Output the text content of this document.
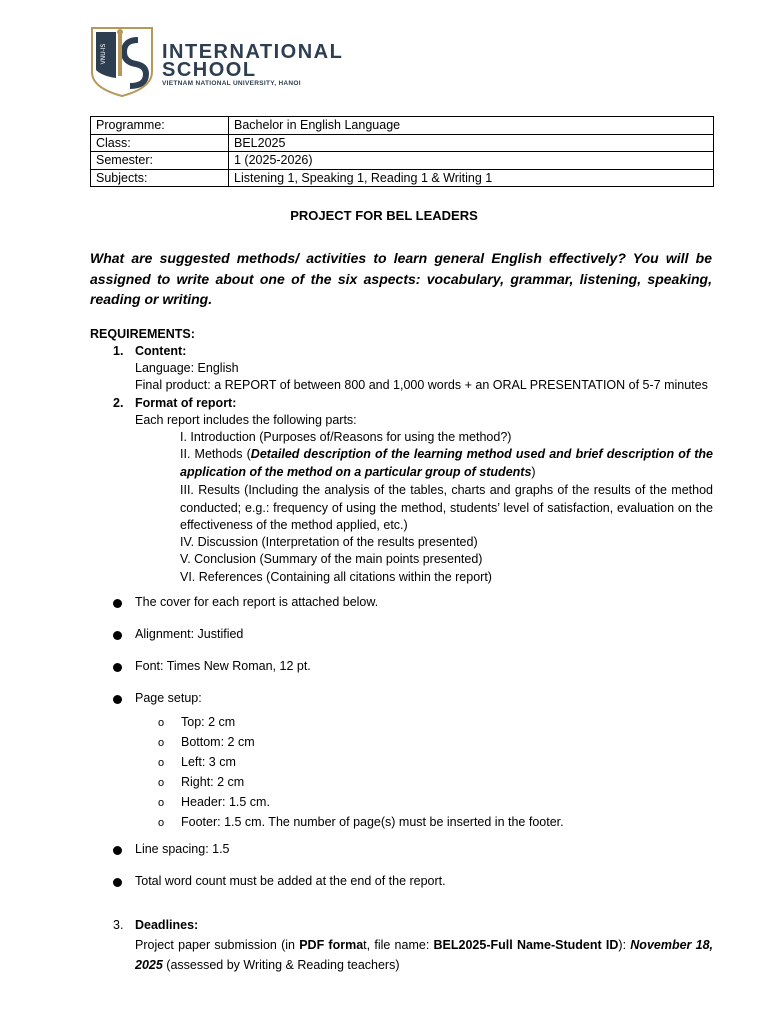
VNU-IS	INTERNATIONAL
SCHOOL
VIETNAM NATIONAL UNIVERSITY, HANOI
Programme:	Bachelor in English Language
Class:	BEL2025
Semester:	1 (2025-2026)
Subjects:	Listening 1, Speaking 1, Reading 1 & Writing 1
PROJECT FOR BEL LEADERS
What are suggested methods/ activities to learn general English effectively? You will be assigned to write about one of the six aspects: vocabulary, grammar, listening, speaking, reading or writing.
REQUIREMENTS:
1. Content:
Language: English
Final product: a REPORT of between 800 and 1,000 words + an ORAL PRESENTATION of 5-7 minutes
2. Format of report:
Each report includes the following parts:
I. Introduction (Purposes of/Reasons for using the method?)
II. Methods (Detailed description of the learning method used and brief description of the application of the method on a particular group of students)
III. Results (Including the analysis of the tables, charts and graphs of the results of the method conducted; e.g.: frequency of using the method, students’ level of satisfaction, evaluation on the effectiveness of the method applied, etc.)
IV. Discussion (Interpretation of the results presented)
V. Conclusion (Summary of the main points presented)
VI. References (Containing all citations within the report)
The cover for each report is attached below.
Alignment: Justified
Font: Times New Roman, 12 pt.
Page setup:
o Top: 2 cm
o Bottom: 2 cm
o Left: 3 cm
o Right: 2 cm
o Header: 1.5 cm.
o Footer: 1.5 cm. The number of page(s) must be inserted in the footer.
Line spacing: 1.5
Total word count must be added at the end of the report.
3. Deadlines:
Project paper submission (in PDF format, file name: BEL2025-Full Name-Student ID): November 18, 2025 (assessed by Writing & Reading teachers)
